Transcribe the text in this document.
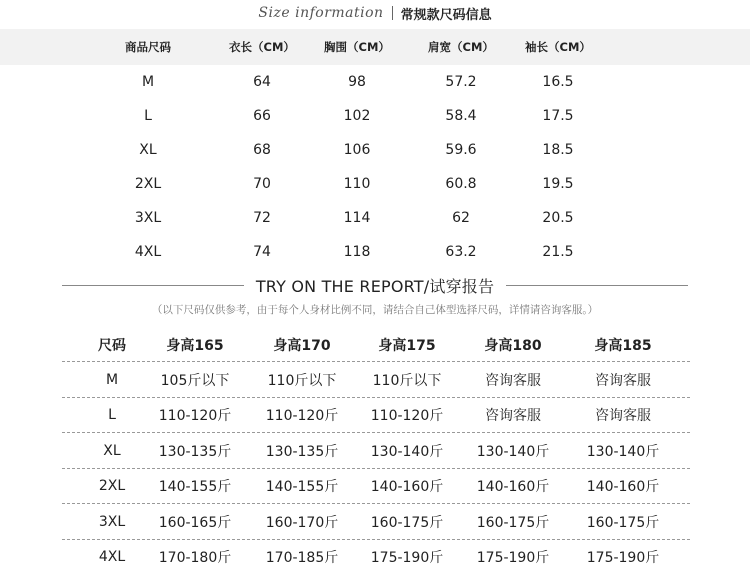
Size information 常规款尺码信息
商品尺码	衣长（CM）	胸围（CM）	肩宽（CM）	袖长（CM）
M	64	98	57.2	16.5
L	66	102	58.4	17.5
XL	68	106	59.6	18.5
2XL	70	110	60.8	19.5
3XL	72	114	62	20.5
4XL	74	118	63.2	21.5
TRY ON THE REPORT/试穿报告
（以下尺码仅供参考，由于每个人身材比例不同，请结合自己体型选择尺码，详情请咨询客服。）
尺码	身高165	身高170	身高175	身高180	身高185
M	105斤以下	110斤以下	110斤以下	咨询客服	咨询客服
L	110-120斤 110-120斤 110-120斤	咨询客服	咨询客服
XL	130-135斤 130-135斤 130-140斤 130-140斤	130-140斤
2XL	140-155斤 140-155斤 140-160斤 140-160斤	140-160斤
3XL	160-165斤 160-170斤 160-175斤 160-175斤	160-175斤
4XL	170-180斤 170-185斤 175-190斤 175-190斤	175-190斤
